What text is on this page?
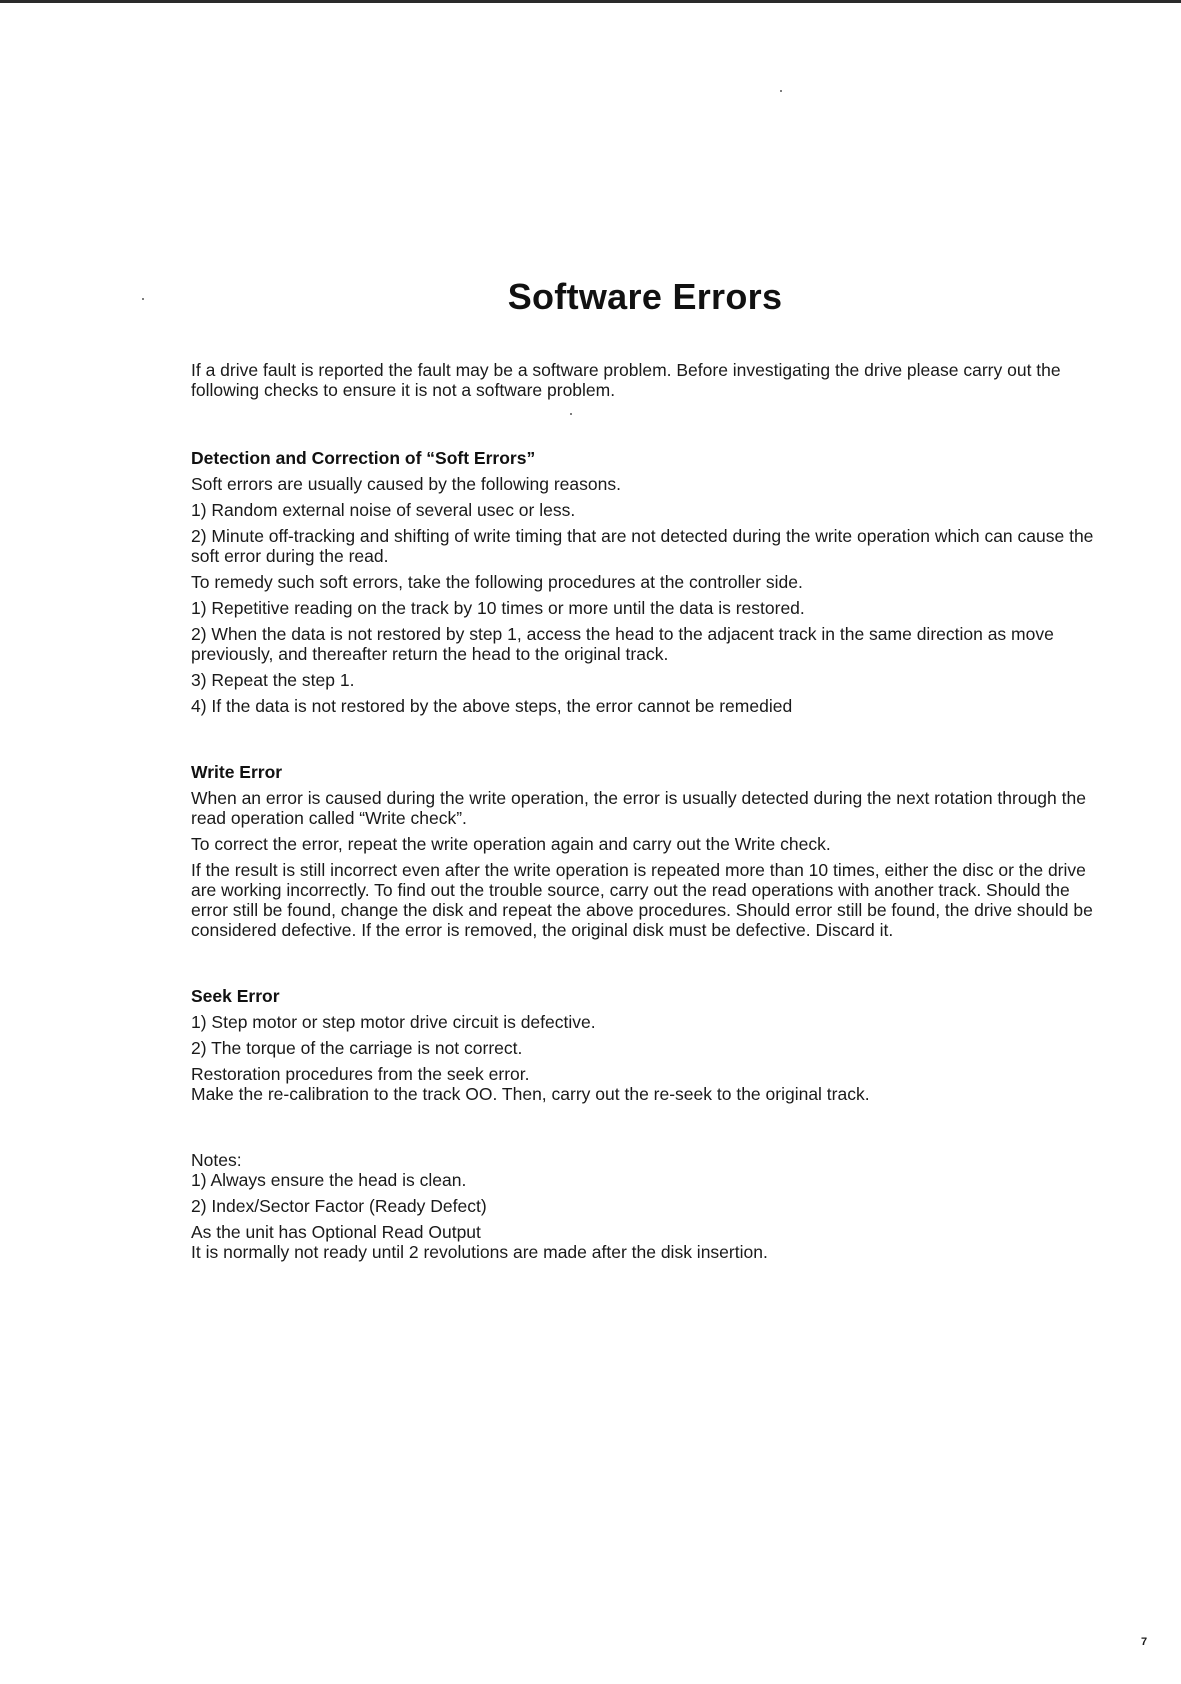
Software Errors

If a drive fault is reported the fault may be a software problem. Before investigating the drive please carry out the following checks to ensure it is not a software problem.

Detection and Correction of “Soft Errors”

Soft errors are usually caused by the following reasons.

1) Random external noise of several usec or less.

2) Minute off-tracking and shifting of write timing that are not detected during the write operation which can cause the soft error during the read.

To remedy such soft errors, take the following procedures at the controller side.

1) Repetitive reading on the track by 10 times or more until the data is restored.

2) When the data is not restored by step 1, access the head to the adjacent track in the same direction as move previously, and thereafter return the head to the original track.

3) Repeat the step 1.

4) If the data is not restored by the above steps, the error cannot be remedied

Write Error

When an error is caused during the write operation, the error is usually detected during the next rotation through the read operation called “Write check”.

To correct the error, repeat the write operation again and carry out the Write check.

If the result is still incorrect even after the write operation is repeated more than 10 times, either the disc or the drive are working incorrectly. To find out the trouble source, carry out the read operations with another track. Should the error still be found, change the disk and repeat the above procedures. Should error still be found, the drive should be considered defective. If the error is removed, the original disk must be defective. Discard it.

Seek Error

1) Step motor or step motor drive circuit is defective.

2) The torque of the carriage is not correct.

Restoration procedures from the seek error.

Make the re-calibration to the track OO. Then, carry out the re-seek to the original track.

Notes:

1) Always ensure the head is clean.

2) Index/Sector Factor (Ready Defect)

As the unit has Optional Read Output

It is normally not ready until 2 revolutions are made after the disk insertion.

7
